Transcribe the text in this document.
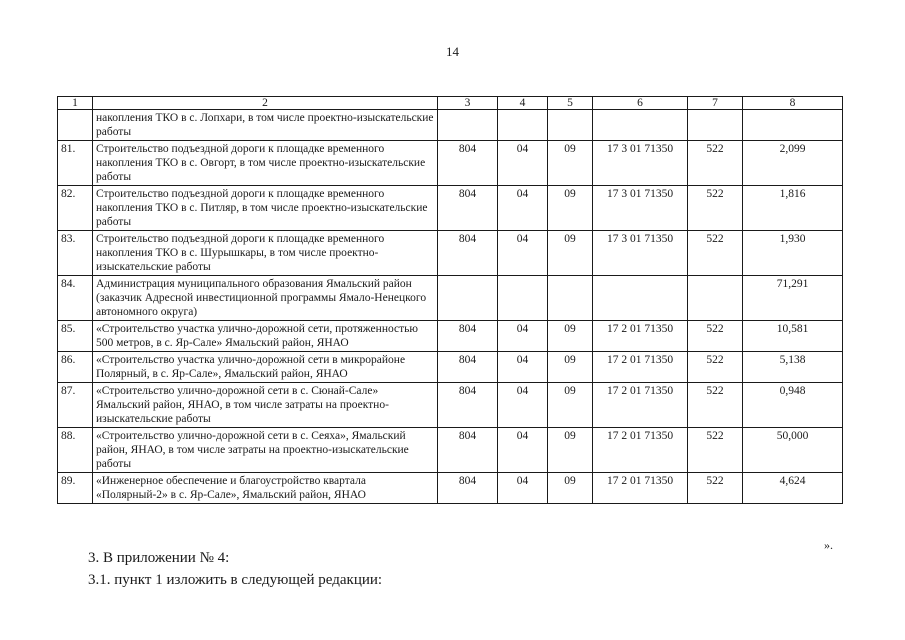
14
1	2	3	4	5	6	7	8
	накопления ТКО в с. Лопхари, в том числе проектно-изыскательские работы						
81.	Строительство подъездной дороги к площадке временного накопления ТКО в с. Овгорт, в том числе проектно-изыскательские работы	804	04	09	17 3 01 71350	522	2,099
82.	Строительство подъездной дороги к площадке временного накопления ТКО в с. Питляр, в том числе проектно-изыскательские работы	804	04	09	17 3 01 71350	522	1,816
83.	Строительство подъездной дороги к площадке временного накопления ТКО в с. Шурышкары, в том числе проектно-изыскательские работы	804	04	09	17 3 01 71350	522	1,930
84.	Администрация муниципального образования Ямальский район (заказчик Адресной инвестиционной программы Ямало-Ненецкого автономного округа)						71,291
85.	«Строительство участка улично-дорожной сети, протяженностью 500 метров, в с. Яр-Сале» Ямальский район, ЯНАО	804	04	09	17 2 01 71350	522	10,581
86.	«Строительство участка улично-дорожной сети в микрорайоне Полярный, в с. Яр-Сале», Ямальский район, ЯНАО	804	04	09	17 2 01 71350	522	5,138
87.	«Строительство улично-дорожной сети в с. Сюнай-Сале» Ямальский район, ЯНАО, в том числе затраты на проектно-изыскательские работы	804	04	09	17 2 01 71350	522	0,948
88.	«Строительство улично-дорожной сети в с. Сеяха», Ямальский район, ЯНАО, в том числе затраты на проектно-изыскательские работы	804	04	09	17 2 01 71350	522	50,000
89.	«Инженерное обеспечение и благоустройство квартала «Полярный-2» в с. Яр-Сале», Ямальский район, ЯНАО	804	04	09	17 2 01 71350	522	4,624
».
3. В приложении № 4:
3.1. пункт 1 изложить в следующей редакции:
